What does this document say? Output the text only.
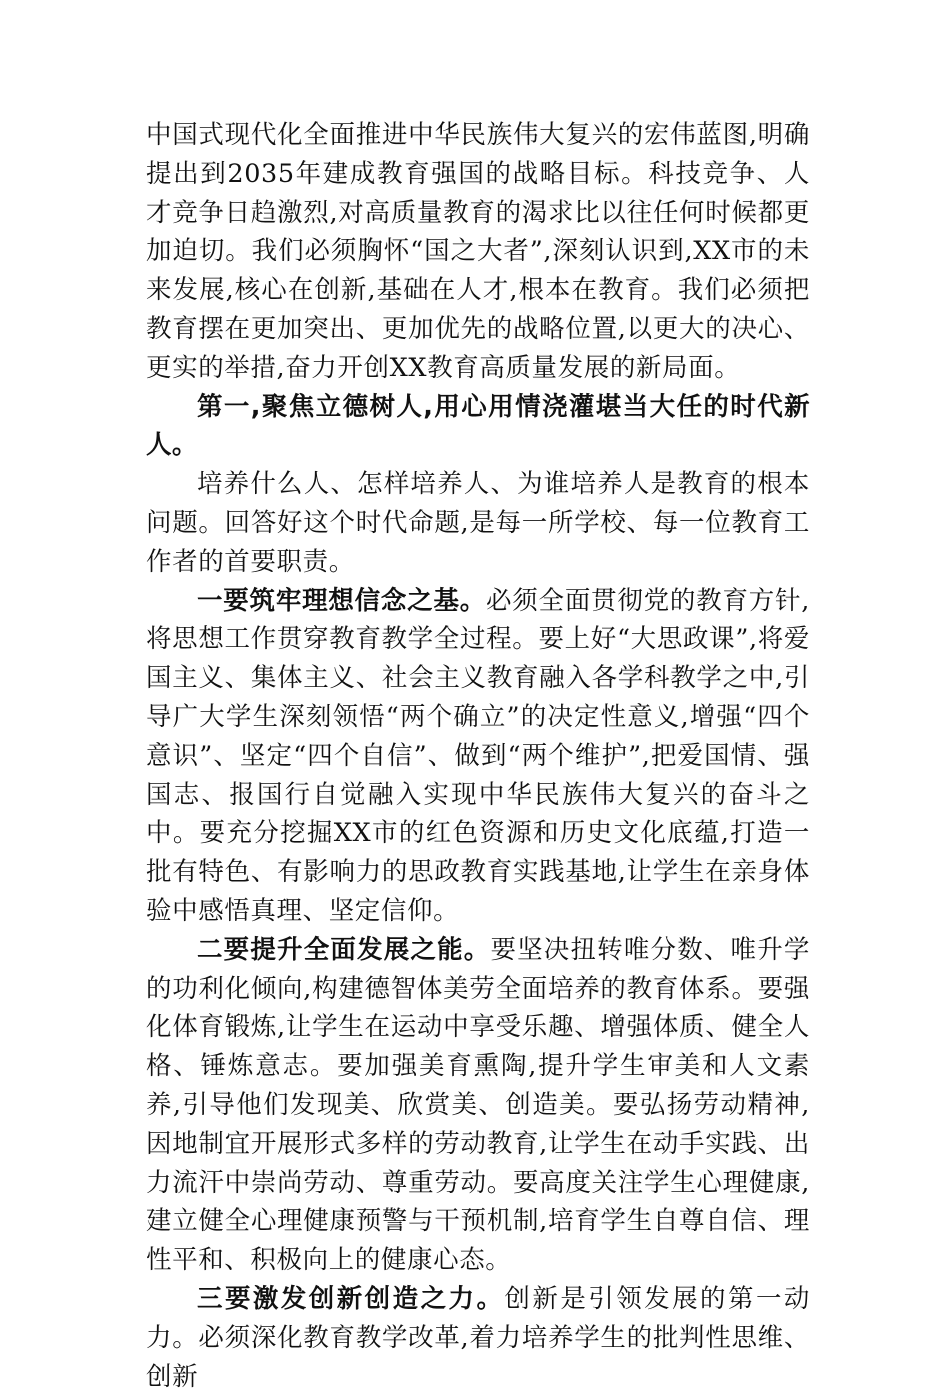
中国式现代化全面推进中华民族伟大复兴的宏伟蓝图,明确提出到2035年建成教育强国的战略目标。科技竞争、人才竞争日趋激烈,对高质量教育的渴求比以往任何时候都更加迫切。我们必须胸怀“国之大者”,深刻认识到,XX市的未来发展,核心在创新,基础在人才,根本在教育。我们必须把教育摆在更加突出、更加优先的战略位置,以更大的决心、更实的举措,奋力开创XX教育高质量发展的新局面。

第一,聚焦立德树人,用心用情浇灌堪当大任的时代新人。

培养什么人、怎样培养人、为谁培养人是教育的根本问题。回答好这个时代命题,是每一所学校、每一位教育工作者的首要职责。

一要筑牢理想信念之基。必须全面贯彻党的教育方针,将思想工作贯穿教育教学全过程。要上好“大思政课”,将爱国主义、集体主义、社会主义教育融入各学科教学之中,引导广大学生深刻领悟“两个确立”的决定性意义,增强“四个意识”、坚定“四个自信”、做到“两个维护”,把爱国情、强国志、报国行自觉融入实现中华民族伟大复兴的奋斗之中。要充分挖掘XX市的红色资源和历史文化底蕴,打造一批有特色、有影响力的思政教育实践基地,让学生在亲身体验中感悟真理、坚定信仰。

二要提升全面发展之能。要坚决扭转唯分数、唯升学的功利化倾向,构建德智体美劳全面培养的教育体系。要强化体育锻炼,让学生在运动中享受乐趣、增强体质、健全人格、锤炼意志。要加强美育熏陶,提升学生审美和人文素养,引导他们发现美、欣赏美、创造美。要弘扬劳动精神,因地制宜开展形式多样的劳动教育,让学生在动手实践、出力流汗中崇尚劳动、尊重劳动。要高度关注学生心理健康,建立健全心理健康预警与干预机制,培育学生自尊自信、理性平和、积极向上的健康心态。

三要激发创新创造之力。创新是引领发展的第一动力。必须深化教育教学改革,着力培养学生的批判性思维、创新
